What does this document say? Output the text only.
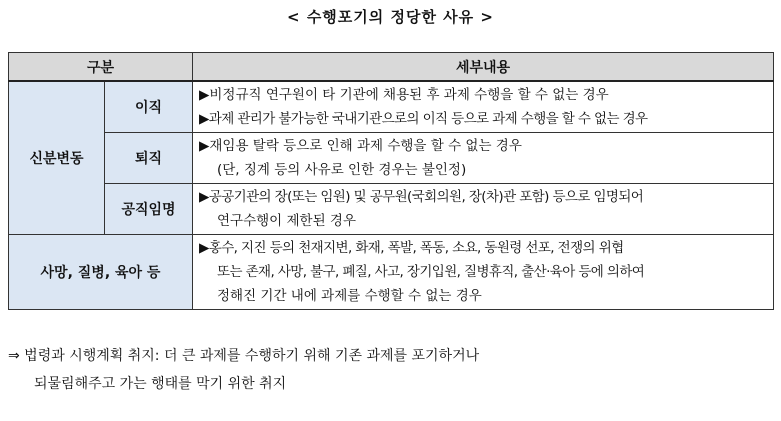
< 수행포기의 정당한 사유 >
구분		세부내용
신분변동	이직	▶비정규직 연구원이 타 기관에 채용된 후 과제 수행을 할 수 없는 경우
▶과제 관리가 불가능한 국내기관으로의 이직 등으로 과제 수행을 할 수 없는 경우

	퇴직	▶재임용 탈락 등으로 인해 과제 수행을 할 수 없는 경우
(단, 징계 등의 사유로 인한 경우는 불인정)

	공직임명	▶공공기관의 장(또는 임원) 및 공무원(국회의원, 장(차)관 포함) 등으로 임명되어
연구수행이 제한된 경우

사망, 질병, 육아 등		▶홍수, 지진 등의 천재지변, 화재, 폭발, 폭동, 소요, 동원령 선포, 전쟁의 위협
또는 존재, 사망, 불구, 폐질, 사고, 장기입원, 질병휴직, 출산·육아 등에 의하여
정해진 기간 내에 과제를 수행할 수 없는 경우
⇒ 법령과 시행계획 취지: 더 큰 과제를 수행하기 위해 기존 과제를 포기하거나
되물림해주고 가는 행태를 막기 위한 취지
